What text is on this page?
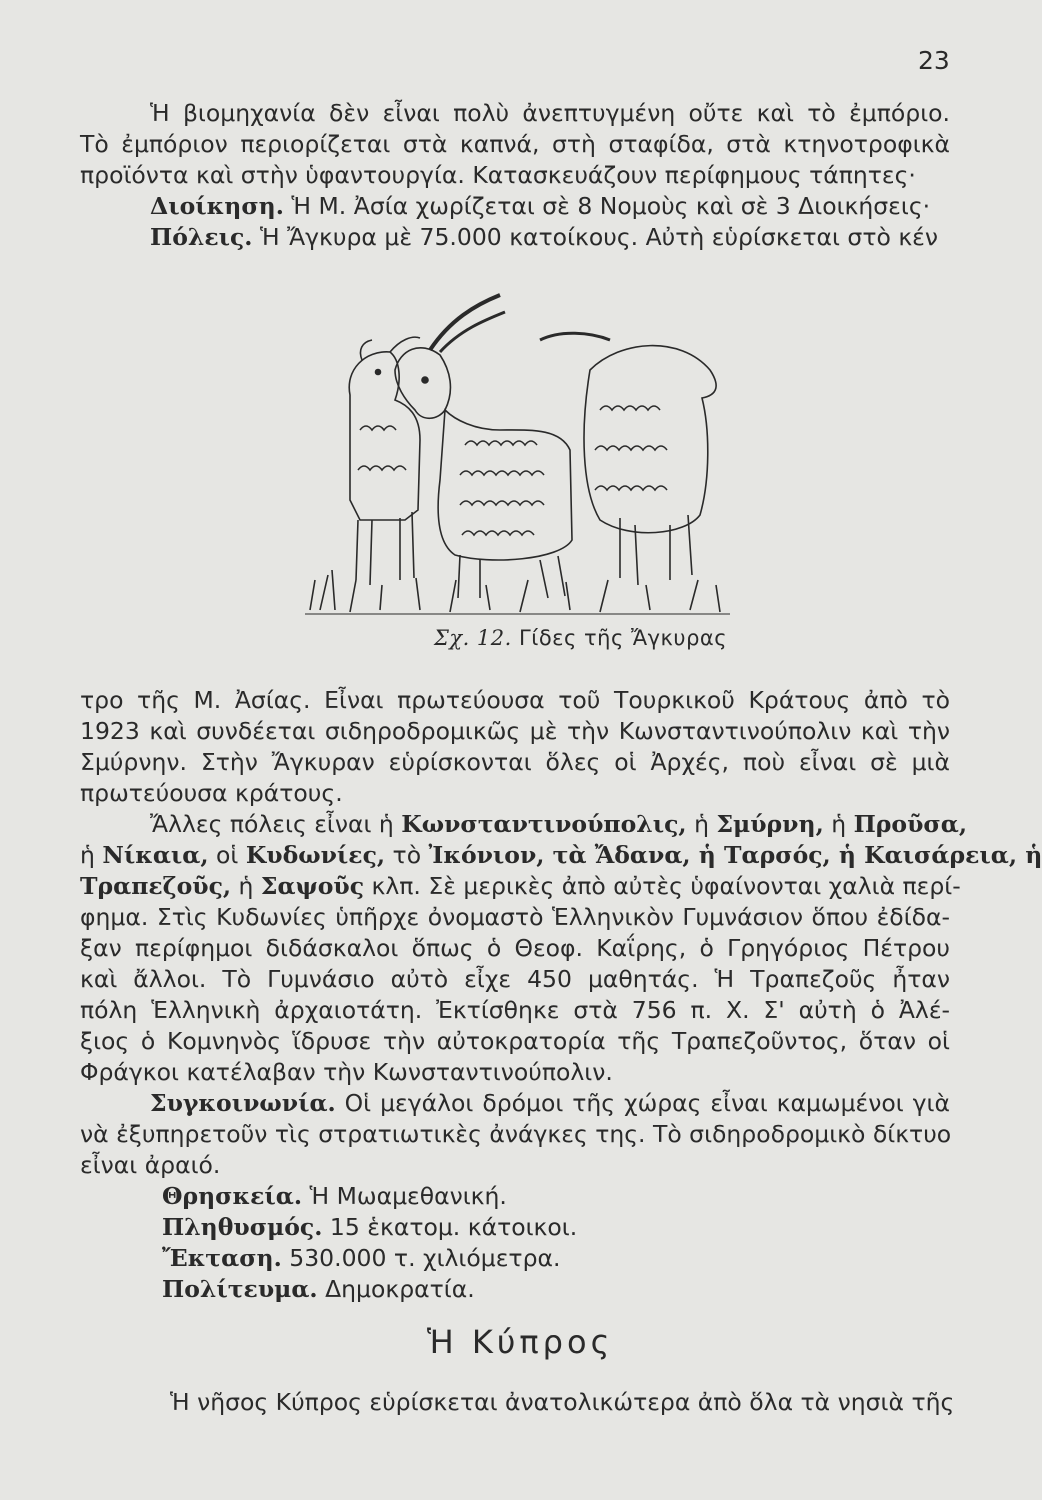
23
Ἡ βιομηχανία δὲν εἶναι πολὺ ἀνεπτυγμένη οὔτε καὶ τὸ ἐμπόριο.
Τὸ ἐμπόριον περιορίζεται στὰ καπνά, στὴ σταφίδα, στὰ κτηνοτροφικὰ
προϊόντα καὶ στὴν ὑφαντουργία. Κατασκευάζουν περίφημους τάπητες·
Διοίκηση. Ἡ Μ. Ἀσία χωρίζεται σὲ 8 Νομοὺς καὶ σὲ 3 Διοικήσεις·
Πόλεις. Ἡ Ἄγκυρα μὲ 75.000 κατοίκους. Αὐτὴ εὑρίσκεται στὸ κέν
Σχ. 12. Γίδες τῆς Ἄγκυρας
τρο τῆς Μ. Ἀσίας. Εἶναι πρωτεύουσα τοῦ Τουρκικοῦ Κράτους ἀπὸ τὸ
1923 καὶ συνδέεται σιδηροδρομικῶς μὲ τὴν Κωνσταντινούπολιν καὶ τὴν
Σμύρνην. Στὴν Ἄγκυραν εὑρίσκονται ὅλες οἱ Ἀρχές, ποὺ εἶναι σὲ μιὰ
πρωτεύουσα κράτους.
Ἄλλες πόλεις εἶναι ἡ Κωνσταντινούπολις, ἡ Σμύρνη, ἡ Προῦσα,
ἡ Νίκαια, οἱ Κυδωνίες, τὸ Ἰκόνιον, τὰ Ἄδανα, ἡ Ταρσός, ἡ Καισάρεια, ἡ
Τραπεζοῦς, ἡ Σαψοῦς κλπ. Σὲ μερικὲς ἀπὸ αὐτὲς ὑφαίνονται χαλιὰ περί-
φημα. Στὶς Κυδωνίες ὑπῆρχε ὀνομαστὸ Ἑλληνικὸν Γυμνάσιον ὅπου ἐδίδα-
ξαν περίφημοι διδάσκαλοι ὅπως ὁ Θεοφ. Καΐρης, ὁ Γρηγόριος Πέτρου
καὶ ἄλλοι. Τὸ Γυμνάσιο αὐτὸ εἶχε 450 μαθητάς. Ἡ Τραπεζοῦς ἦταν
πόλη Ἑλληνικὴ ἀρχαιοτάτη. Ἐκτίσθηκε στὰ 756 π. Χ. Σ' αὐτὴ ὁ Ἀλέ-
ξιος ὁ Κομνηνὸς ἵδρυσε τὴν αὐτοκρατορία τῆς Τραπεζοῦντος, ὅταν οἱ
Φράγκοι κατέλαβαν τὴν Κωνσταντινούπολιν.
Συγκοινωνία. Οἱ μεγάλοι δρόμοι τῆς χώρας εἶναι καμωμένοι γιὰ
νὰ ἐξυπηρετοῦν τὶς στρατιωτικὲς ἀνάγκες της. Τὸ σιδηροδρομικὸ δίκτυο
εἶναι ἀραιό.
Θρησκεία. Ἡ Μωαμεθανική.
Πληθυσμός. 15 ἑκατομ. κάτοικοι.
Ἔκταση. 530.000 τ. χιλιόμετρα.
Πολίτευμα. Δημοκρατία.
Ἡ Κύπρος
Ἡ νῆσος Κύπρος εὑρίσκεται ἀνατολικώτερα ἀπὸ ὅλα τὰ νησιὰ τῆς
